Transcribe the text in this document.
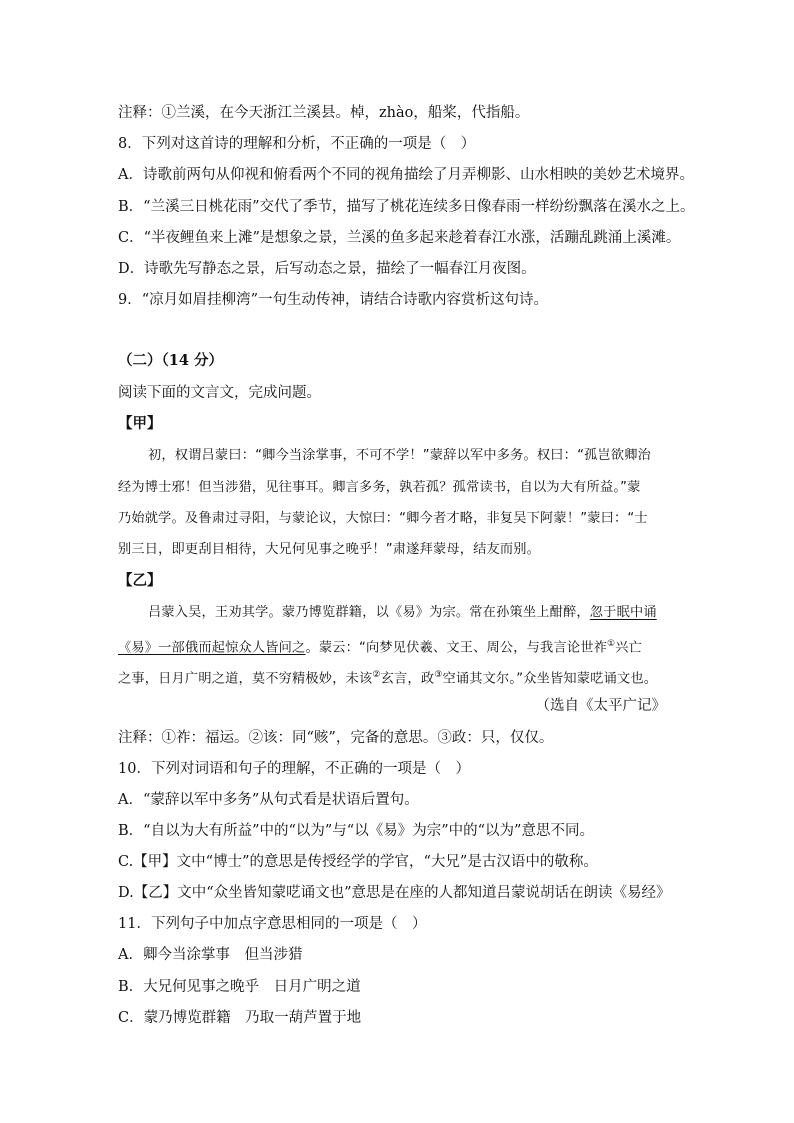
注释：①兰溪，在今天浙江兰溪县。棹，zhào，船桨，代指船。
8．下列对这首诗的理解和分析，不正确的一项是（　）
A．诗歌前两句从仰视和俯看两个不同的视角描绘了月弄柳影、山水相映的美妙艺术境界。
B．“兰溪三日桃花雨”交代了季节，描写了桃花连续多日像春雨一样纷纷飘落在溪水之上。
C．“半夜鲤鱼来上滩”是想象之景，兰溪的鱼多起来趁着春江水涨，活蹦乱跳涌上溪滩。
D．诗歌先写静态之景，后写动态之景，描绘了一幅春江月夜图。
9．“凉月如眉挂柳湾”一句生动传神，请结合诗歌内容赏析这句诗。
（二）（14 分）
阅读下面的文言文，完成问题。
【甲】
初，权谓吕蒙曰：“卿今当涂掌事，不可不学！”蒙辞以军中多务。权曰：“孤岂欲卿治
经为博士邪！但当涉猎，见往事耳。卿言多务，孰若孤？孤常读书，自以为大有所益。”蒙
乃始就学。及鲁肃过寻阳，与蒙论议，大惊曰：“卿今者才略，非复吴下阿蒙！”蒙曰：“士
别三日，即更刮目相待，大兄何见事之晚乎！”肃遂拜蒙母，结友而别。
【乙】
吕蒙入吴，王劝其学。蒙乃博览群籍，以《易》为宗。常在孙策坐上酣醉，忽于眠中诵
《易》一部俄而起惊众人皆问之。蒙云：“向梦见伏羲、文王、周公，与我言论世祚①兴亡
之事，日月广明之道，莫不穷精极妙，未该②玄言，政③空诵其文尔。”众坐皆知蒙呓诵文也。
（选自《太平广记》
注释：①祚：福运。②该：同“赅”，完备的意思。③政：只，仅仅。
10．下列对词语和句子的理解，不正确的一项是（　）
A．“蒙辞以军中多务”从句式看是状语后置句。
B．“自以为大有所益”中的“以为”与“以《易》为宗”中的“以为”意思不同。
C.【甲】文中“博士”的意思是传授经学的学官，“大兄”是古汉语中的敬称。
D.【乙】文中“众坐皆知蒙呓诵文也”意思是在座的人都知道吕蒙说胡话在朗读《易经》
11．下列句子中加点字意思相同的一项是（　）
A．卿今当涂掌事　但当涉猎
B．大兄何见事之晚乎　日月广明之道
C．蒙乃博览群籍　乃取一葫芦置于地
